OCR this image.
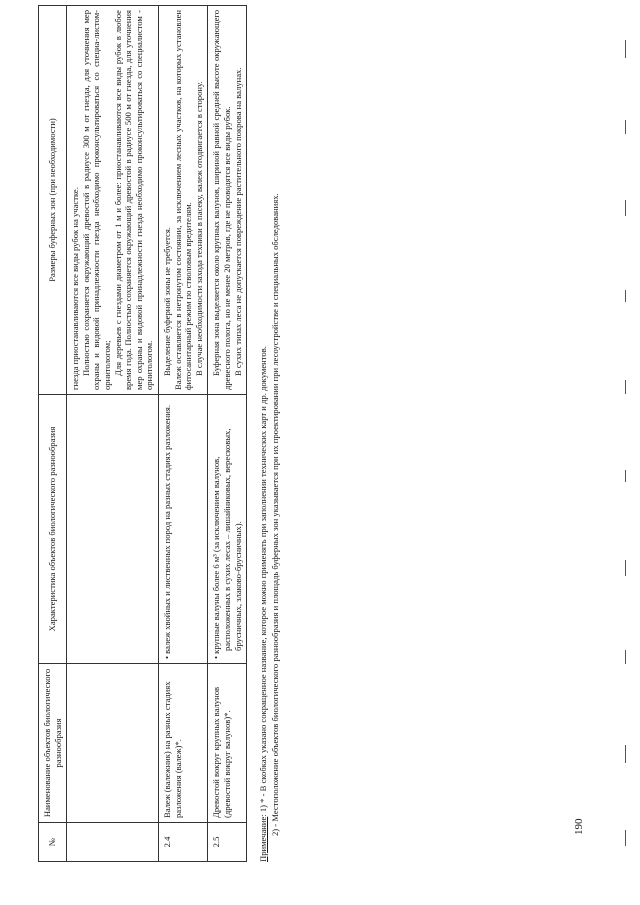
№	Наименование объектов биологического разнообразия	Характеристика объектов биологического разнообразия	Размеры буферных зон (при необходимости)

			гнезда приостанавливаются все виды рубок на участке. Полностью сохраняется окружающий древостой в радиусе 300 м от гнезда, для уточнения мер охраны и видовой принадлежности гнезда необходимо проконсультироваться со специа-листом-орнитологом; Для деревьев с гнездами диаметром от 1 м и более: приостанавливаются все виды рубок в любое время года. Полностью сохраняется окружающий древостой в радиусе 500 м от гнезда, для уточнения мер охраны и видовой принадлежности гнезда необходимо проконсультироваться со специалистом - орнитологом.

2.4	Валеж (валежник) на разных стадиях разложения (валеж)*.	• валеж хвойных и лиственных пород на разных стадиях разложения.	Выделение буферной зоны не требуется. Валеж оставляется в нетронутом состоянии, за исключением лесных участков, на которых установлен фитосанитарный режим по стволовым вредителям. В случае необходимости захода техники в пасеку, валеж отодвигается в сторону.

2.5	Древостой вокруг крупных валунов (древостой вокруг валунов)*.	• крупные валуны более 6 м³ (за исключением валунов, расположенных в сухих лесах – лишайниковых, вересковых, брусничных, злаково-брусничных).	Буферная зона выделяется около крупных валунов, шириной равной средней высоте окружающего древесного полога, но не менее 20 метров, где не проводятся все виды рубок. В сухих типах леса не допускается повреждение растительного покрова на валунах.
Примечание: 1) * - В скобках указано сокращенное название, которое можно применять при заполнении технических карт и др. документов. 2) - Местоположение объектов биологического разнообразия и площадь буферных зон указывается при их проектировании при лесоустройстве и специальных обследованиях.	190
